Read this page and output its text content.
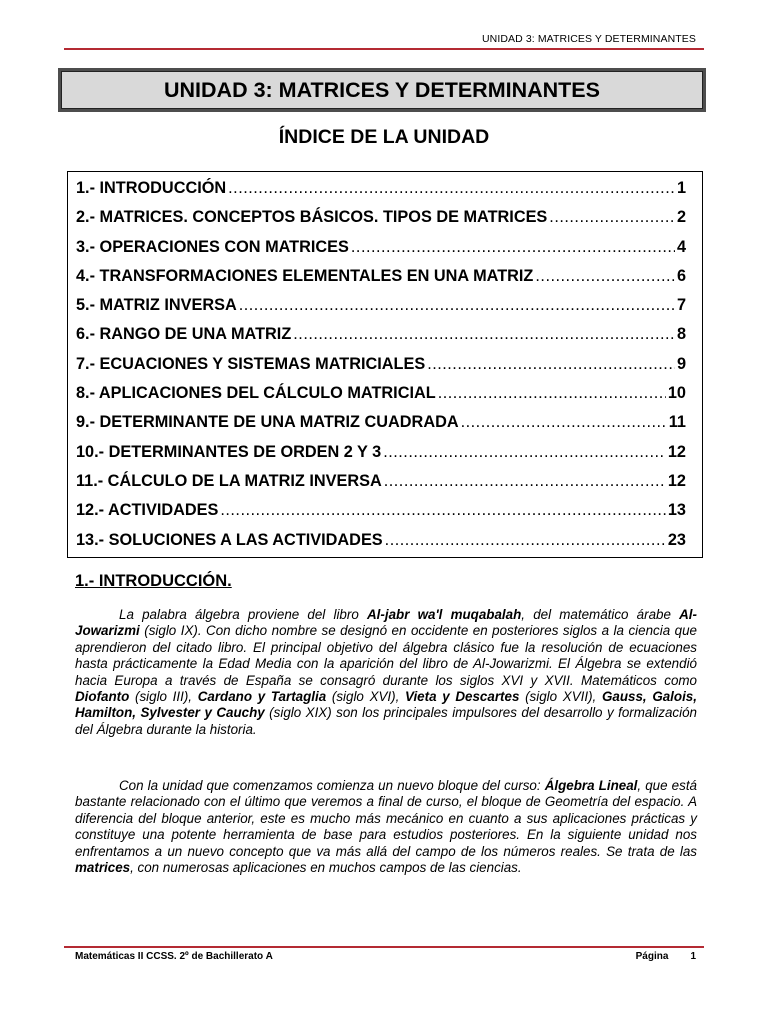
UNIDAD 3: MATRICES Y DETERMINANTES
UNIDAD 3: MATRICES Y DETERMINANTES
ÍNDICE DE LA UNIDAD
1.- INTRODUCCIÓN .....	1
2.- MATRICES. CONCEPTOS BÁSICOS. TIPOS DE MATRICES .....	2
3.- OPERACIONES CON MATRICES .....	4
4.- TRANSFORMACIONES ELEMENTALES EN UNA MATRIZ .....	6
5.- MATRIZ INVERSA .....	7
6.- RANGO DE UNA MATRIZ .....	8
7.- ECUACIONES Y SISTEMAS MATRICIALES .....	9
8.- APLICACIONES DEL CÁLCULO MATRICIAL .....	10
9.- DETERMINANTE DE UNA MATRIZ CUADRADA .....	11
10.- DETERMINANTES DE ORDEN 2 Y 3 .....	12
11.- CÁLCULO DE LA MATRIZ INVERSA .....	12
12.- ACTIVIDADES .....	13
13.- SOLUCIONES A LAS ACTIVIDADES .....	23
1.- INTRODUCCIÓN.

La palabra álgebra proviene del libro Al-jabr wa'l muqabalah, del matemático árabe Al-Jowarizmi (siglo IX). Con dicho nombre se designó en occidente en posteriores siglos a la ciencia que aprendieron del citado libro. El principal objetivo del álgebra clásico fue la resolución de ecuaciones hasta prácticamente la Edad Media con la aparición del libro de Al-Jowarizmi. El Álgebra se extendió hacia Europa a través de España se consagró durante los siglos XVI y XVII. Matemáticos como Diofanto (siglo III), Cardano y Tartaglia (siglo XVI), Vieta y Descartes (siglo XVII), Gauss, Galois, Hamilton, Sylvester y Cauchy (siglo XIX) son los principales impulsores del desarrollo y formalización del Álgebra durante la historia.

Con la unidad que comenzamos comienza un nuevo bloque del curso: Álgebra Lineal, que está bastante relacionado con el último que veremos a final de curso, el bloque de Geometría del espacio. A diferencia del bloque anterior, este es mucho más mecánico en cuanto a sus aplicaciones prácticas y constituye una potente herramienta de base para estudios posteriores. En la siguiente unidad nos enfrentamos a un nuevo concepto que va más allá del campo de los números reales. Se trata de las matrices, con numerosas aplicaciones en muchos campos de las ciencias.

Matemáticas II CCSS. 2º de Bachillerato A	Página 1
